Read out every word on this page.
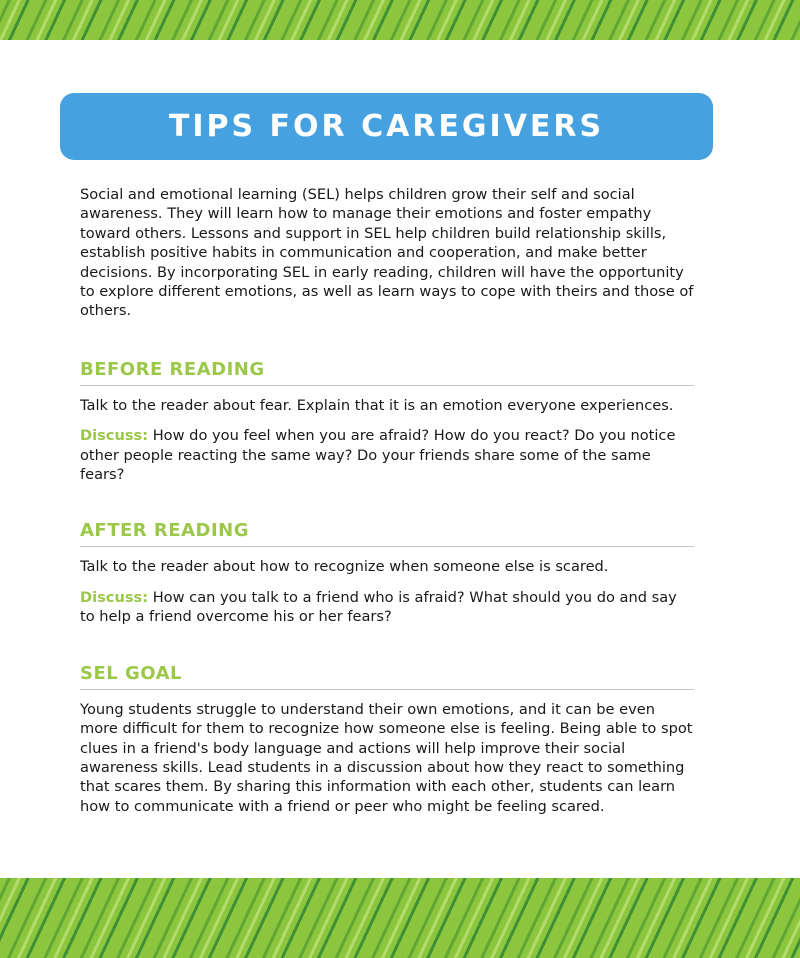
TIPS FOR CAREGIVERS

Social and emotional learning (SEL) helps children grow their self and social awareness. They will learn how to manage their emotions and foster empathy toward others. Lessons and support in SEL help children build relationship skills, establish positive habits in communication and cooperation, and make better decisions. By incorporating SEL in early reading, children will have the opportunity to explore different emotions, as well as learn ways to cope with theirs and those of others.

BEFORE READING

Talk to the reader about fear. Explain that it is an emotion everyone experiences.

Discuss: How do you feel when you are afraid? How do you react? Do you notice other people reacting the same way? Do your friends share some of the same fears?

AFTER READING

Talk to the reader about how to recognize when someone else is scared.

Discuss: How can you talk to a friend who is afraid? What should you do and say to help a friend overcome his or her fears?

SEL GOAL

Young students struggle to understand their own emotions, and it can be even more difficult for them to recognize how someone else is feeling. Being able to spot clues in a friend's body language and actions will help improve their social awareness skills. Lead students in a discussion about how they react to something that scares them. By sharing this information with each other, students can learn how to communicate with a friend or peer who might be feeling scared.
